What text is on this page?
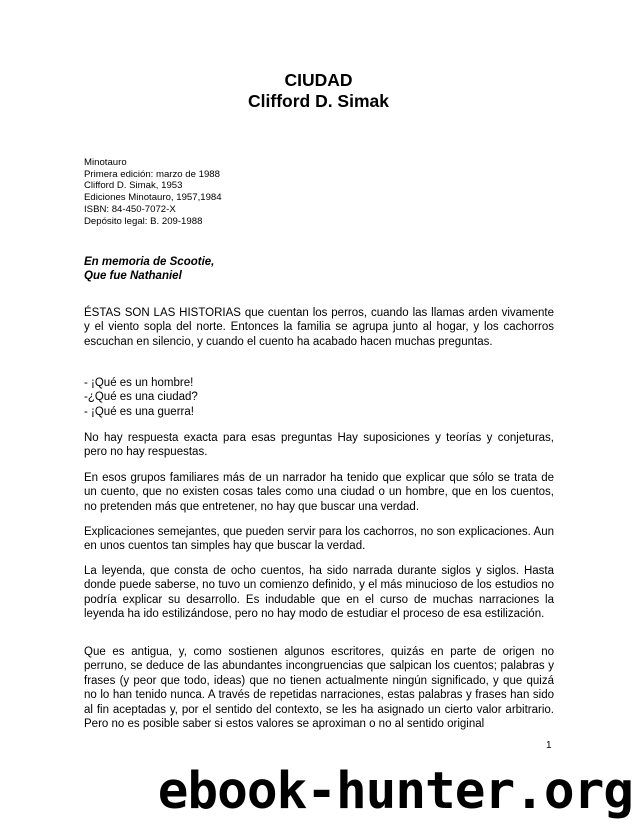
CIUDAD
Clifford D. Simak
Minotauro
Primera edición: marzo de 1988
Clifford D. Simak, 1953
Ediciones Minotauro, 1957,1984
ISBN: 84-450-7072-X
Depósito legal: B. 209-1988
En memoria de Scootie,
Que fue Nathaniel

ÉSTAS SON LAS HISTORIAS que cuentan los perros, cuando las llamas arden vivamente y el viento sopla del norte. Entonces la familia se agrupa junto al hogar, y los cachorros escuchan en silencio, y cuando el cuento ha acabado hacen muchas preguntas.

- ¡Qué es un hombre!
-¿Qué es una ciudad?
- ¡Qué es una guerra!

No hay respuesta exacta para esas preguntas Hay suposiciones y teorías y conjeturas, pero no hay respuestas.

En esos grupos familiares más de un narrador ha tenido que explicar que sólo se trata de un cuento, que no existen cosas tales como una ciudad o un hombre, que en los cuentos, no pretenden más que entretener, no hay que buscar una verdad.

Explicaciones semejantes, que pueden servir para los cachorros, no son explicaciones. Aun en unos cuentos tan simples hay que buscar la verdad.

La leyenda, que consta de ocho cuentos, ha sido narrada durante siglos y siglos. Hasta donde puede saberse, no tuvo un comienzo definido, y el más minucioso de los estudios no podría explicar su desarrollo. Es indudable que en el curso de muchas narraciones la leyenda ha ido estilizándose, pero no hay modo de estudiar el proceso de esa estilización.

Que es antigua, y, como sostienen algunos escritores, quizás en parte de origen no perruno, se deduce de las abundantes incongruencias que salpican los cuentos; palabras y frases (y peor que todo, ideas) que no tienen actualmente ningún significado, y que quizá no lo han tenido nunca. A través de repetidas narraciones, estas palabras y frases han sido al fin aceptadas y, por el sentido del contexto, se les ha asignado un cierto valor arbitrario. Pero no es posible saber si estos valores se aproximan o no al sentido original

1
ebook-hunter.org
